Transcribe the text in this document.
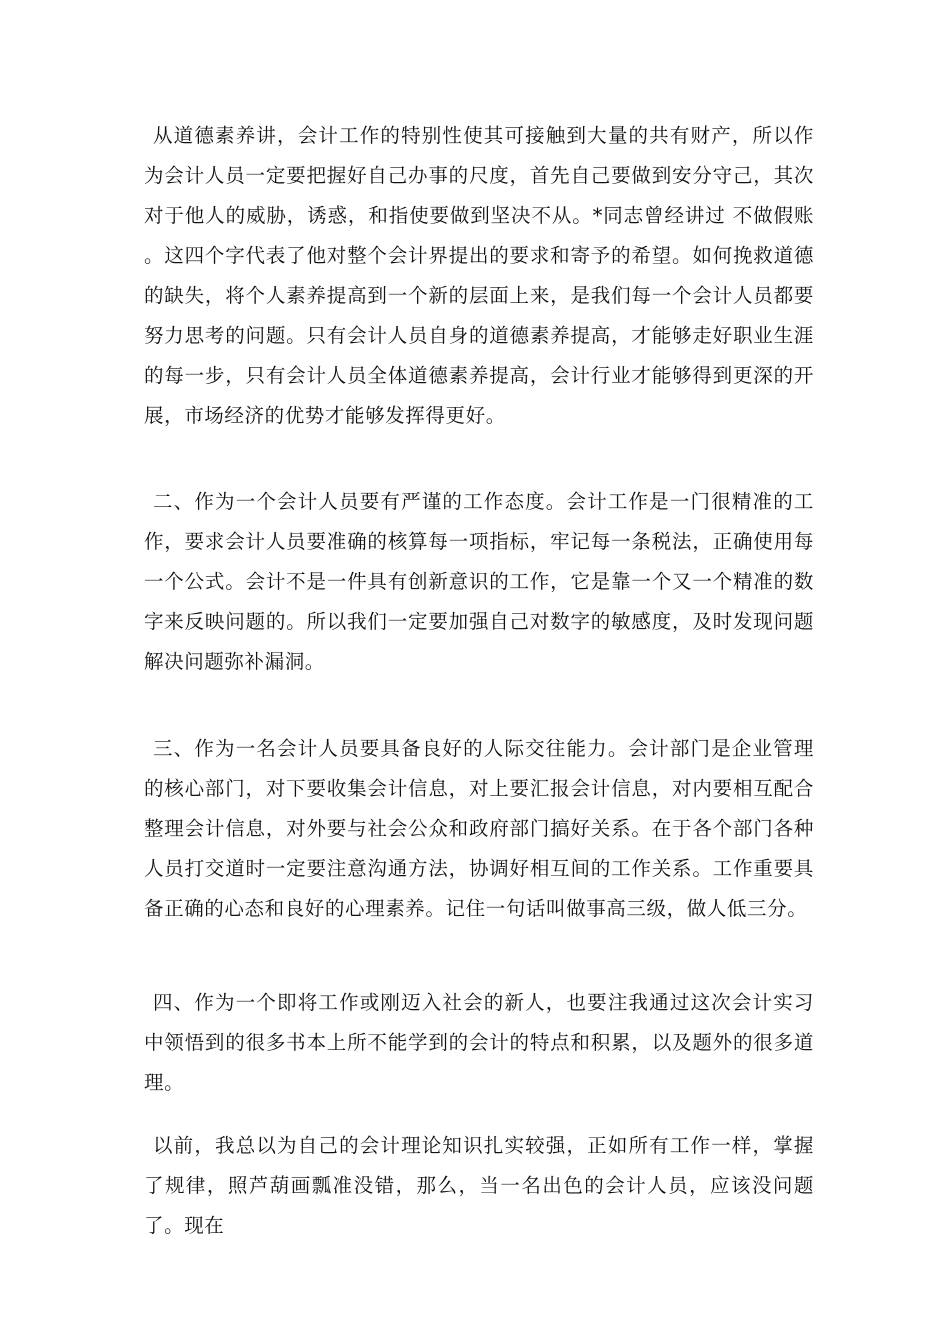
从道德素养讲，会计工作的特别性使其可接触到大量的共有财产，所以作为会计人员一定要把握好自己办事的尺度，首先自己要做到安分守己，其次对于他人的威胁，诱惑，和指使要做到坚决不从。*同志曾经讲过 不做假账 。这四个字代表了他对整个会计界提出的要求和寄予的希望。如何挽救道德的缺失，将个人素养提高到一个新的层面上来，是我们每一个会计人员都要努力思考的问题。只有会计人员自身的道德素养提高，才能够走好职业生涯的每一步，只有会计人员全体道德素养提高，会计行业才能够得到更深的开展，市场经济的优势才能够发挥得更好。

二、作为一个会计人员要有严谨的工作态度。会计工作是一门很精准的工作，要求会计人员要准确的核算每一项指标，牢记每一条税法，正确使用每一个公式。会计不是一件具有创新意识的工作，它是靠一个又一个精准的数字来反映问题的。所以我们一定要加强自己对数字的敏感度，及时发现问题解决问题弥补漏洞。

三、作为一名会计人员要具备良好的人际交往能力。会计部门是企业管理的核心部门，对下要收集会计信息，对上要汇报会计信息，对内要相互配合整理会计信息，对外要与社会公众和政府部门搞好关系。在于各个部门各种人员打交道时一定要注意沟通方法，协调好相互间的工作关系。工作重要具备正确的心态和良好的心理素养。记住一句话叫做事高三级，做人低三分。

四、作为一个即将工作或刚迈入社会的新人，也要注我通过这次会计实习中领悟到的很多书本上所不能学到的会计的特点和积累，以及题外的很多道理。

以前，我总以为自己的会计理论知识扎实较强，正如所有工作一样，掌握了规律，照芦葫画瓢准没错，那么，当一名出色的会计人员，应该没问题了。现在
